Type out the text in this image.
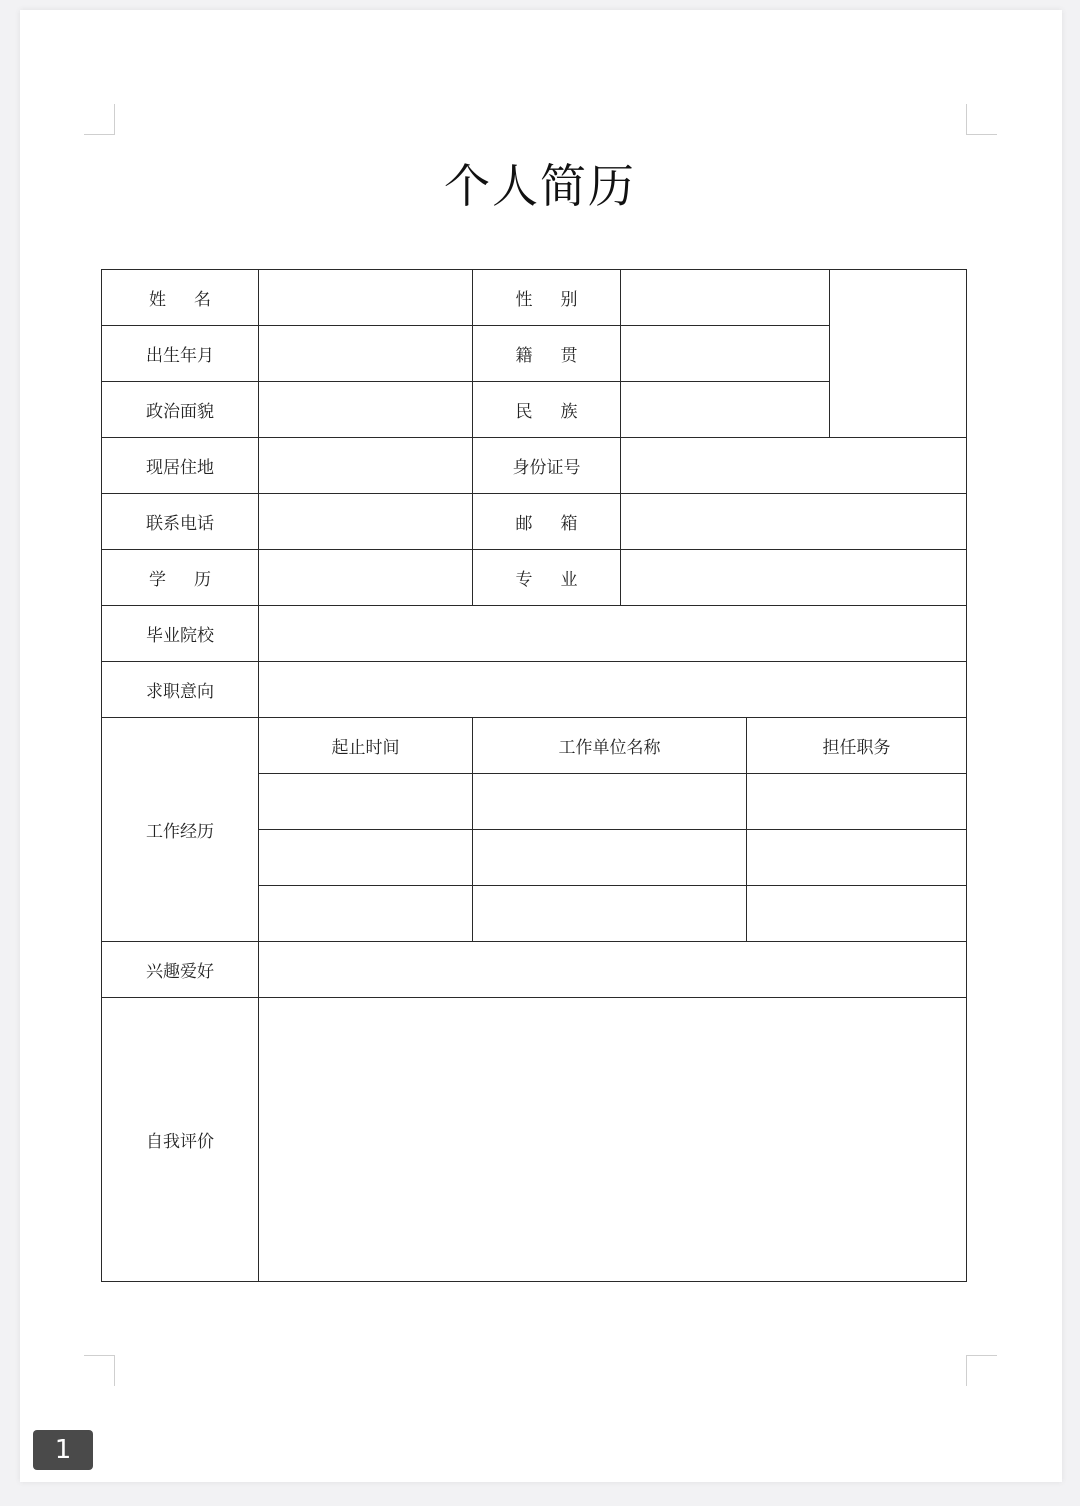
个人简历
姓 名		性 别			
出生年月		籍 贯			
政治面貌		民 族			
现居住地		身份证号			
联系电话		邮 箱			
学 历		专 业			
毕业院校					
求职意向					
工作经历	起止时间	工作单位名称		担任职务	

兴趣爱好					
自我评价					
1
